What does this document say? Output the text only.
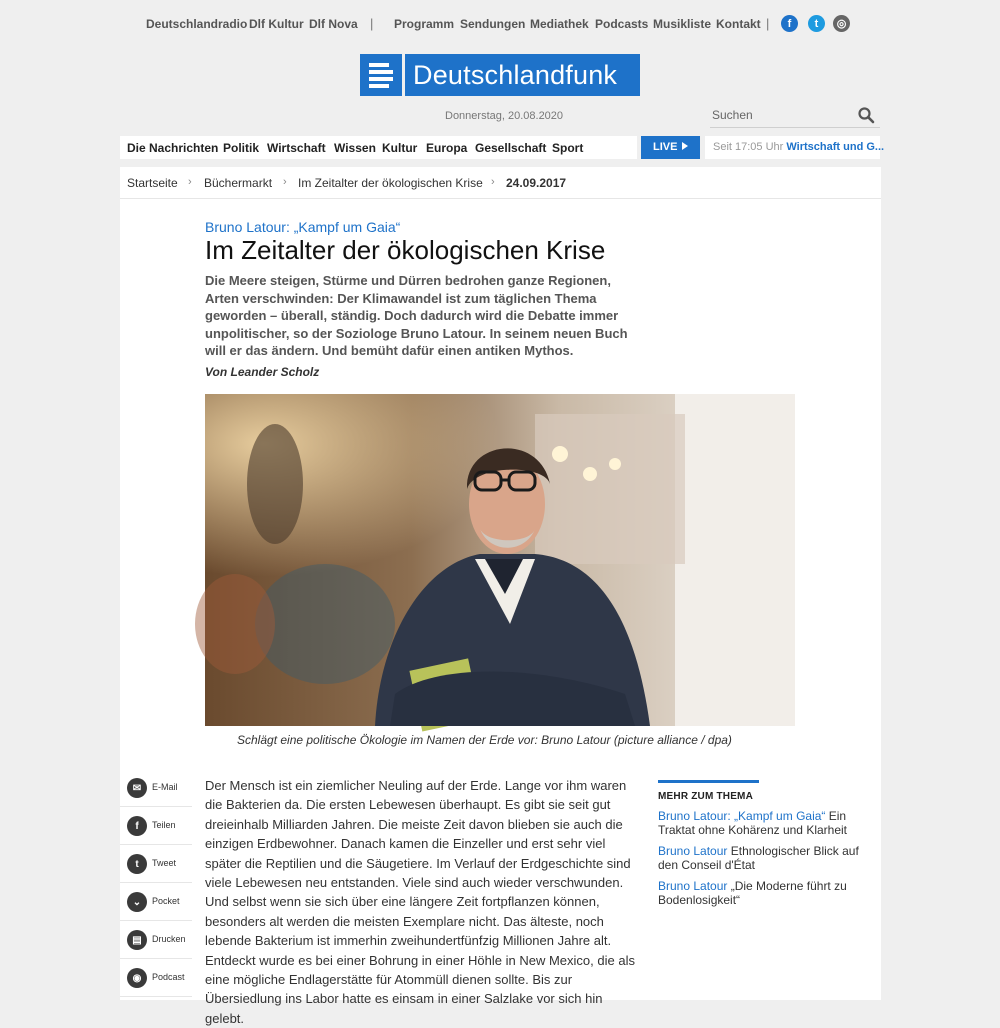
Deutschlandradio Dlf Kultur Dlf Nova | Programm Sendungen Mediathek Podcasts Musikliste Kontakt |	f	t	◎
Deutschlandfunk
Donnerstag, 20.08.2020
Suchen
Die Nachrichten Politik Wirtschaft Wissen Kultur Europa Gesellschaft Sport	LIVE	Seit 17:05 Uhr Wirtschaft und G...
Startseite › Büchermarkt › Im Zeitalter der ökologischen Krise › 24.09.2017
Bruno Latour: „Kampf um Gaia“
Im Zeitalter der ökologischen Krise

Die Meere steigen, Stürme und Dürren bedrohen ganze Regionen, Arten verschwinden: Der Klimawandel ist zum täglichen Thema geworden – überall, ständig. Doch dadurch wird die Debatte immer unpolitischer, so der Soziologe Bruno Latour. In seinem neuen Buch will er das ändern. Und bemüht dafür einen antiken Mythos.

Von Leander Scholz
Schlägt eine politische Ökologie im Namen der Erde vor: Bruno Latour (picture alliance / dpa)
✉	E-Mail
f	Teilen
t	Tweet
⌄	Pocket
▤	Drucken
◉	Podcast

Der Mensch ist ein ziemlicher Neuling auf der Erde. Lange vor ihm waren die Bakterien da. Die ersten Lebewesen überhaupt. Es gibt sie seit gut dreieinhalb Milliarden Jahren. Die meiste Zeit davon blieben sie auch die einzigen Erdbewohner. Danach kamen die Einzeller und erst sehr viel später die Reptilien und die Säugetiere. Im Verlauf der Erdgeschichte sind viele Lebewesen neu entstanden. Viele sind auch wieder verschwunden. Und selbst wenn sie sich über eine längere Zeit fortpflanzen können, besonders alt werden die meisten Exemplare nicht. Das älteste, noch lebende Bakterium ist immerhin zweihundertfünfzig Millionen Jahre alt. Entdeckt wurde es bei einer Bohrung in einer Höhle in New Mexico, die als eine mögliche Endlagerstätte für Atommüll dienen sollte. Bis zur Übersiedlung ins Labor hatte es einsam in einer Salzlake vor sich hin gelebt.

MEHR ZUM THEMA
Bruno Latour: „Kampf um Gaia“ Ein Traktat ohne Kohärenz und Klarheit
Bruno Latour Ethnologischer Blick auf den Conseil d'État
Bruno Latour „Die Moderne führt zu Bodenlosigkeit“
